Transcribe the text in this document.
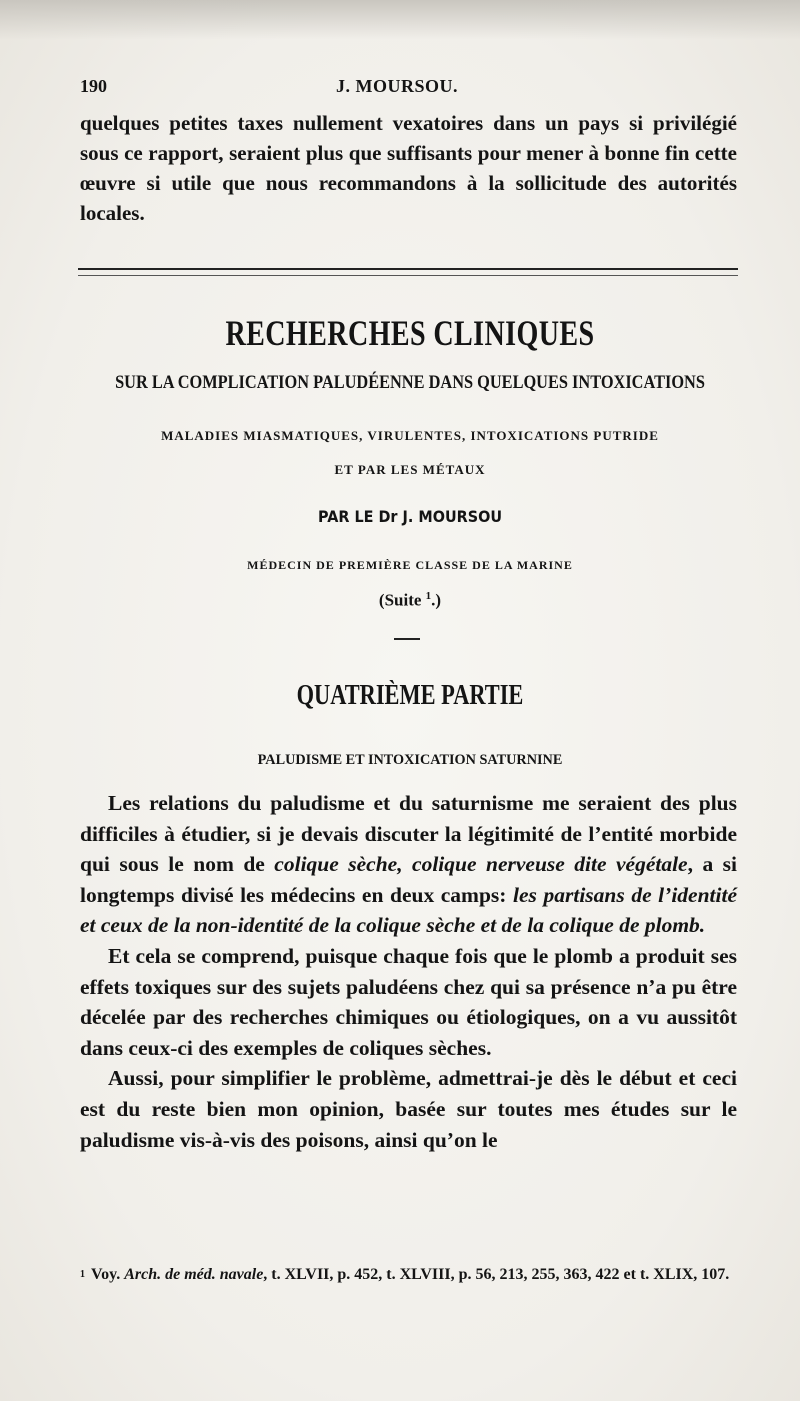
190	J. MOURSOU.

quelques petites taxes nullement vexatoires dans un pays si privilégié sous ce rapport, seraient plus que suffisants pour mener à bonne fin cette œuvre si utile que nous recommandons à la sollicitude des autorités locales.

RECHERCHES CLINIQUES
SUR LA COMPLICATION PALUDÉENNE DANS QUELQUES INTOXICATIONS
MALADIES MIASMATIQUES, VIRULENTES, INTOXICATIONS PUTRIDE
ET PAR LES MÉTAUX
PAR LE Dr J. MOURSOU
MÉDECIN DE PREMIÈRE CLASSE DE LA MARINE
(Suite $^1$.)
QUATRIÈME PARTIE
PALUDISME ET INTOXICATION SATURNINE

Les relations du paludisme et du saturnisme me seraient des plus difficiles à étudier, si je devais discuter la légitimité de l’entité morbide qui sous le nom de colique sèche, colique nerveuse dite végétale, a si longtemps divisé les médecins en deux camps: les partisans de l’identité et ceux de la non-identité de la colique sèche et de la colique de plomb.

Et cela se comprend, puisque chaque fois que le plomb a produit ses effets toxiques sur des sujets paludéens chez qui sa présence n’a pu être décelée par des recherches chimiques ou étiologiques, on a vu aussitôt dans ceux-ci des exemples de coliques sèches.

Aussi, pour simplifier le problème, admettrai-je dès le début et ceci est du reste bien mon opinion, basée sur toutes mes études sur le paludisme vis-à-vis des poisons, ainsi qu’on le

$^1$ Voy. Arch. de méd. navale, t. XLVII, p. 452, t. XLVIII, p. 56, 213, 255, 363, 422 et t. XLIX, 107.
